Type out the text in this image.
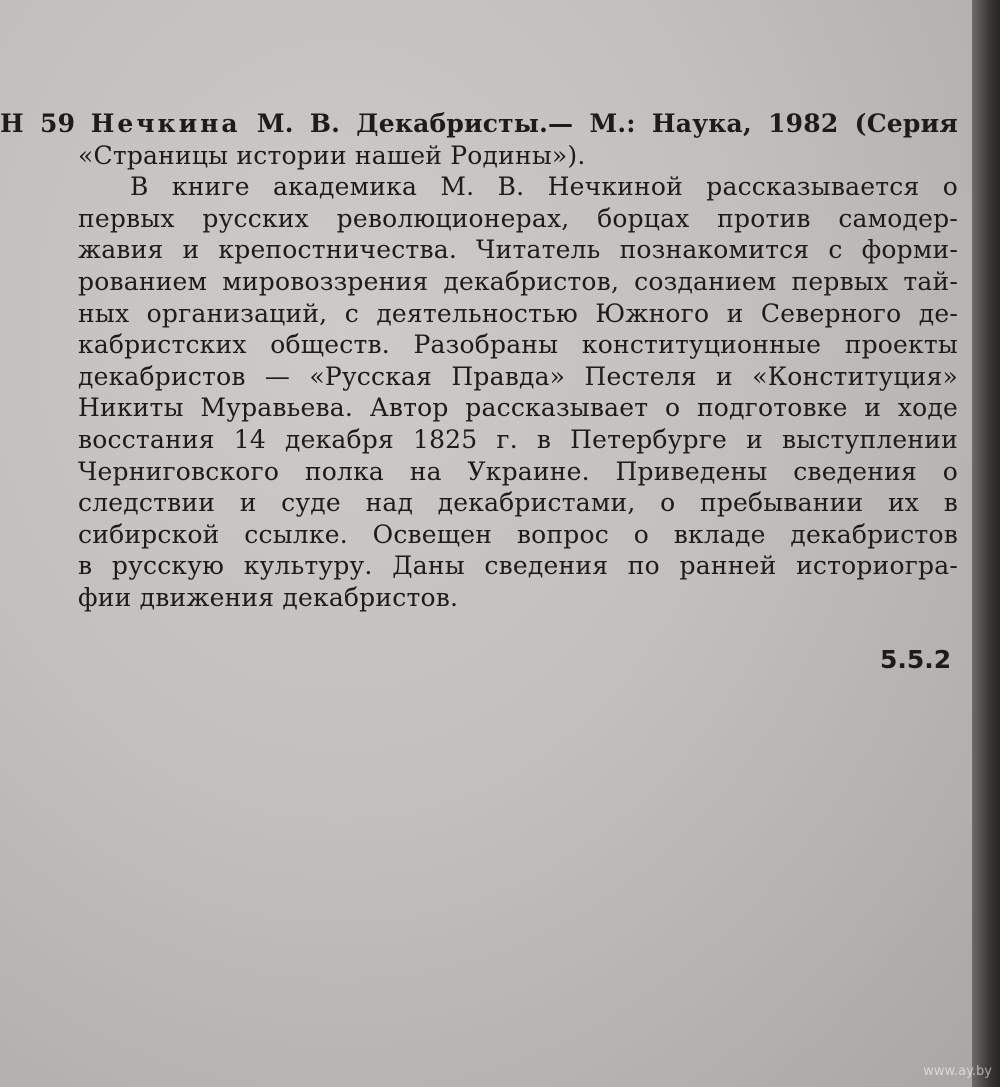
Н 59 Нечкина М. В. Декабристы.— М.: Наука, 1982 (Серия
«Страницы истории нашей Родины»).
В книге академика М. В. Нечкиной рассказывается о
первых русских революционерах, борцах против самодер-
жавия и крепостничества. Читатель познакомится с форми-
рованием мировоззрения декабристов, созданием первых тай-
ных организаций, с деятельностью Южного и Северного де-
кабристских обществ. Разобраны конституционные проекты
декабристов — «Русская Правда» Пестеля и «Конституция»
Никиты Муравьева. Автор рассказывает о подготовке и ходе
восстания 14 декабря 1825 г. в Петербурге и выступлении
Черниговского полка на Украине. Приведены сведения о
следствии и суде над декабристами, о пребывании их в
сибирской ссылке. Освещен вопрос о вкладе декабристов
в русскую культуру. Даны сведения по ранней историогра-
фии движения декабристов.
5.5.2
www.ay.by
